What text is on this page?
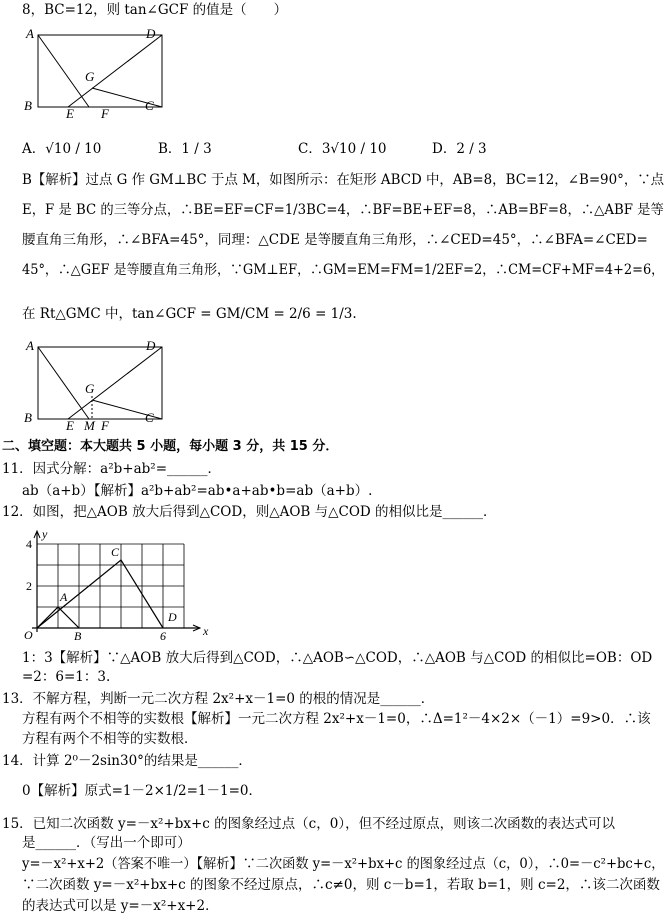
8，BC=12，则 tan∠GCF 的值是（　　）
A	D
G
B	C
E F
A．√10 / 10	B．1 / 3	C．3√10 / 10	D．2 / 3
B【解析】过点 G 作 GM⊥BC 于点 M，如图所示：在矩形 ABCD 中，AB=8，BC=12，∠B=90°，∵点
E，F 是 BC 的三等分点，∴BE=EF=CF=1/3BC=4，∴BF=BE+EF=8，∴AB=BF=8，∴△ABF 是等
腰直角三角形，∴∠BFA=45°，同理：△CDE 是等腰直角三角形，∴∠CED=45°，∴∠BFA=∠CED=
45°，∴△GEF 是等腰直角三角形，∵GM⊥EF，∴GM=EM=FM=1/2EF=2，∴CM=CF+MF=4+2=6，
在 Rt△GMC 中，tan∠GCF = GM/CM = 2/6 = 1/3.
A	D
G
B	C
E M F
二、填空题：本大题共 5 小题，每小题 3 分，共 15 分．
11．因式分解：a²b+ab²=______．
ab（a+b）【解析】a²b+ab²=ab•a+ab•b=ab（a+b）.
12．如图，把△AOB 放大后得到△COD，则△AOB 与△COD 的相似比是______．
y
x
4
2
O	B	6
A
C
D
1：3【解析】∵△AOB 放大后得到△COD，∴△AOB∽△COD，∴△AOB 与△COD 的相似比=OB：OD
=2：6=1：3.
13．不解方程，判断一元二次方程 2x²+x－1=0 的根的情况是______．
方程有两个不相等的实数根【解析】一元二次方程 2x²+x－1=0，∴Δ=1²－4×2×（－1）=9>0．∴该
方程有两个不相等的实数根．
14．计算 2⁰－2sin30°的结果是______．
0【解析】原式=1－2×1/2=1－1=0．
15．已知二次函数 y=－x²+bx+c 的图象经过点（c，0），但不经过原点，则该二次函数的表达式可以
是______．（写出一个即可）
y=－x²+x+2（答案不唯一）【解析】∵二次函数 y=－x²+bx+c 的图象经过点（c，0），∴0=－c²+bc+c，
∵二次函数 y=－x²+bx+c 的图象不经过原点，∴c≠0，则 c－b=1，若取 b=1，则 c=2，∴该二次函数
的表达式可以是 y=－x²+x+2．
